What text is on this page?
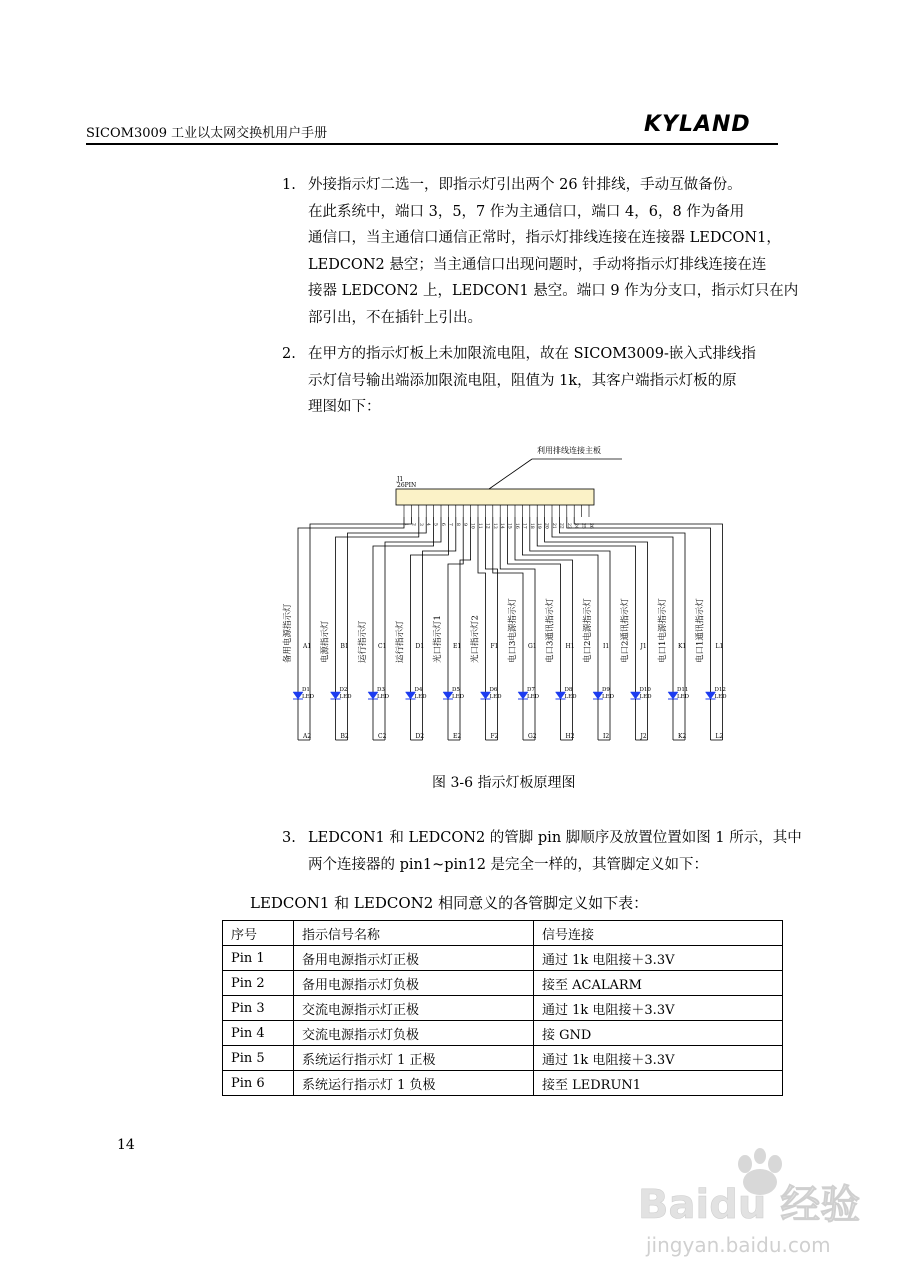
SICOM3009 工业以太网交换机用户手册	KYLAND
1. 外接指示灯二选一，即指示灯引出两个 26 针排线，手动互做备份。
在此系统中，端口 3，5，7 作为主通信口，端口 4，6，8 作为备用
通信口，当主通信口通信正常时，指示灯排线连接在连接器 LEDCON1，
LEDCON2 悬空；当主通信口出现问题时，手动将指示灯排线连接在连
接器 LEDCON2 上，LEDCON1 悬空。端口 9 作为分支口，指示灯只在内
部引出，不在插针上引出。
2. 在甲方的指示灯板上未加限流电阻，故在 SICOM3009-嵌入式排线指
示灯信号输出端添加限流电阻，阻值为 1k，其客户端指示灯板的原
理图如下：
利用排线连接主板
J1
26PIN
1 2 3 4 5 6 7 8 9 10 11 12 13 14 15 16 17 18 19 20 21 22 23 24 25 26
备用电源指示灯 A1
D1
LED
A2
电源指示灯 B1
D2
LED
B2
运行指示灯 C1
D3
LED
C2
运行指示灯 D1
D4
LED
D2
光口指示灯1 E1
D5
LED
E2
光口指示灯2 F1
D6
LED
F2
电口3电源指示灯 G1
D7
LED
G2
电口3通讯指示灯 H1
D8
LED
H2
电口2电源指示灯 I1
D9
LED
I2
电口2通讯指示灯 J1
D10
LED
J2
电口1电源指示灯 K1
D11
LED
K2
电口1通讯指示灯 L1
D12
LED
L2
图 3-6 指示灯板原理图
3. LEDCON1 和 LEDCON2 的管脚 pin 脚顺序及放置位置如图 1 所示，其中
两个连接器的 pin1~pin12 是完全一样的，其管脚定义如下：
LEDCON1 和 LEDCON2 相同意义的各管脚定义如下表：
序号	指示信号名称	信号连接
Pin 1	备用电源指示灯正极	通过 1k 电阻接＋3.3V
Pin 2	备用电源指示灯负极	接至 ACALARM
Pin 3	交流电源指示灯正极	通过 1k 电阻接＋3.3V
Pin 4	交流电源指示灯负极	接 GND
Pin 5	系统运行指示灯 1 正极	通过 1k 电阻接＋3.3V
Pin 6	系统运行指示灯 1 负极	接至 LEDRUN1
14
Baidu 经验
jingyan.baidu.com
